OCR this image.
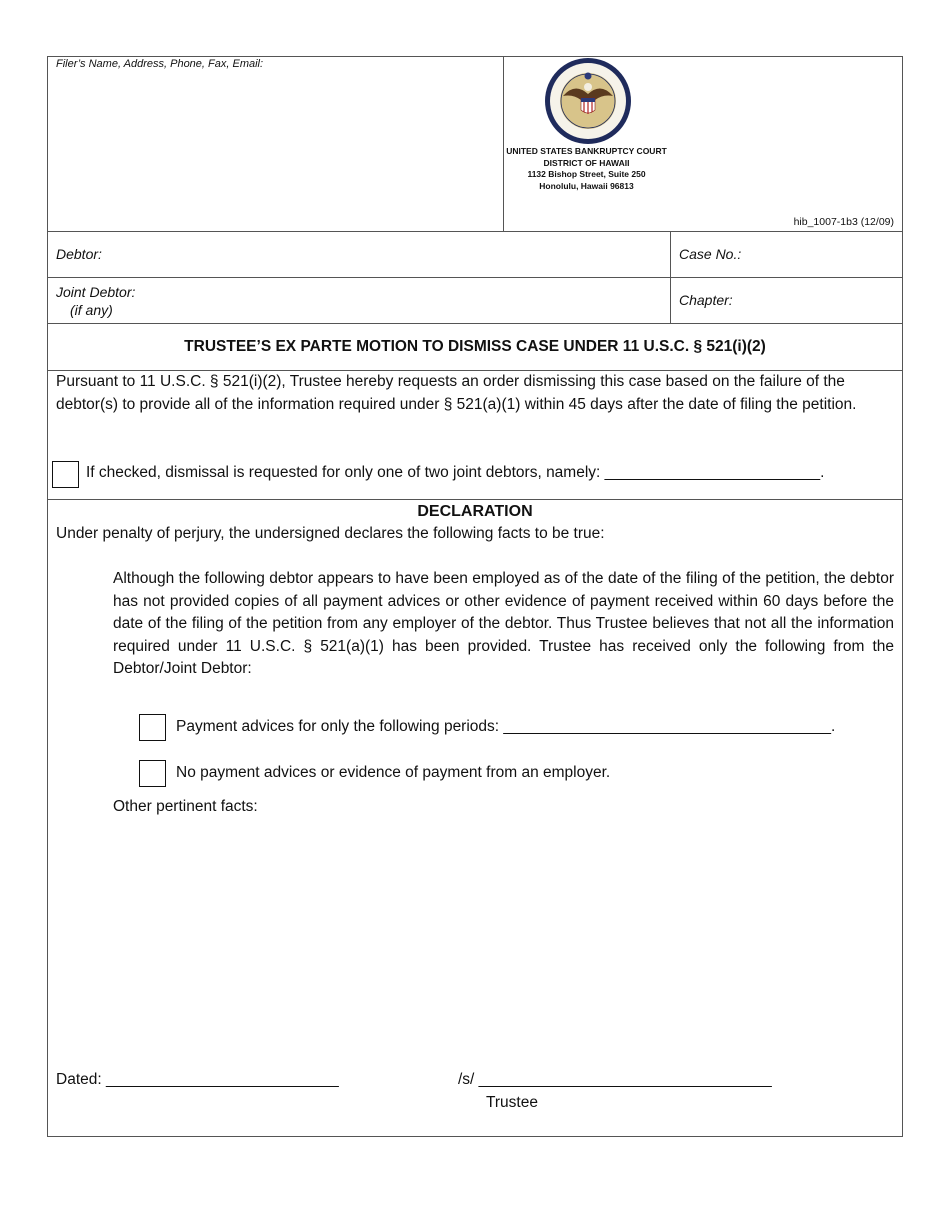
Filer’s Name, Address, Phone, Fax, Email:
UNITED STATES BANKRUPTCY COURT
DISTRICT OF HAWAII
1132 Bishop Street, Suite 250
Honolulu, Hawaii 96813
hib_1007-1b3 (12/09)
Debtor:	Case No.:
Joint Debtor:
(if any)
Chapter:
TRUSTEE’S EX PARTE MOTION TO DISMISS CASE UNDER 11 U.S.C. § 521(i)(2)
Pursuant to 11 U.S.C. § 521(i)(2), Trustee hereby requests an order dismissing this case based on the failure of the debtor(s) to provide all of the information required under § 521(a)(1) within 45 days after the date of filing the petition.
If checked, dismissal is requested for only one of two joint debtors, namely: _________________________.
DECLARATION
Under penalty of perjury, the undersigned declares the following facts to be true:
Although the following debtor appears to have been employed as of the date of the filing of the petition, the debtor has not provided copies of all payment advices or other evidence of payment received within 60 days before the date of the filing of the petition from any employer of the debtor. Thus Trustee believes that not all the information required under 11 U.S.C. § 521(a)(1) has been provided. Trustee has received only the following from the Debtor/Joint Debtor:
Payment advices for only the following periods: ______________________________________.
No payment advices or evidence of payment from an employer.
Other pertinent facts:
Dated: ___________________________	/s/ __________________________________
Trustee
